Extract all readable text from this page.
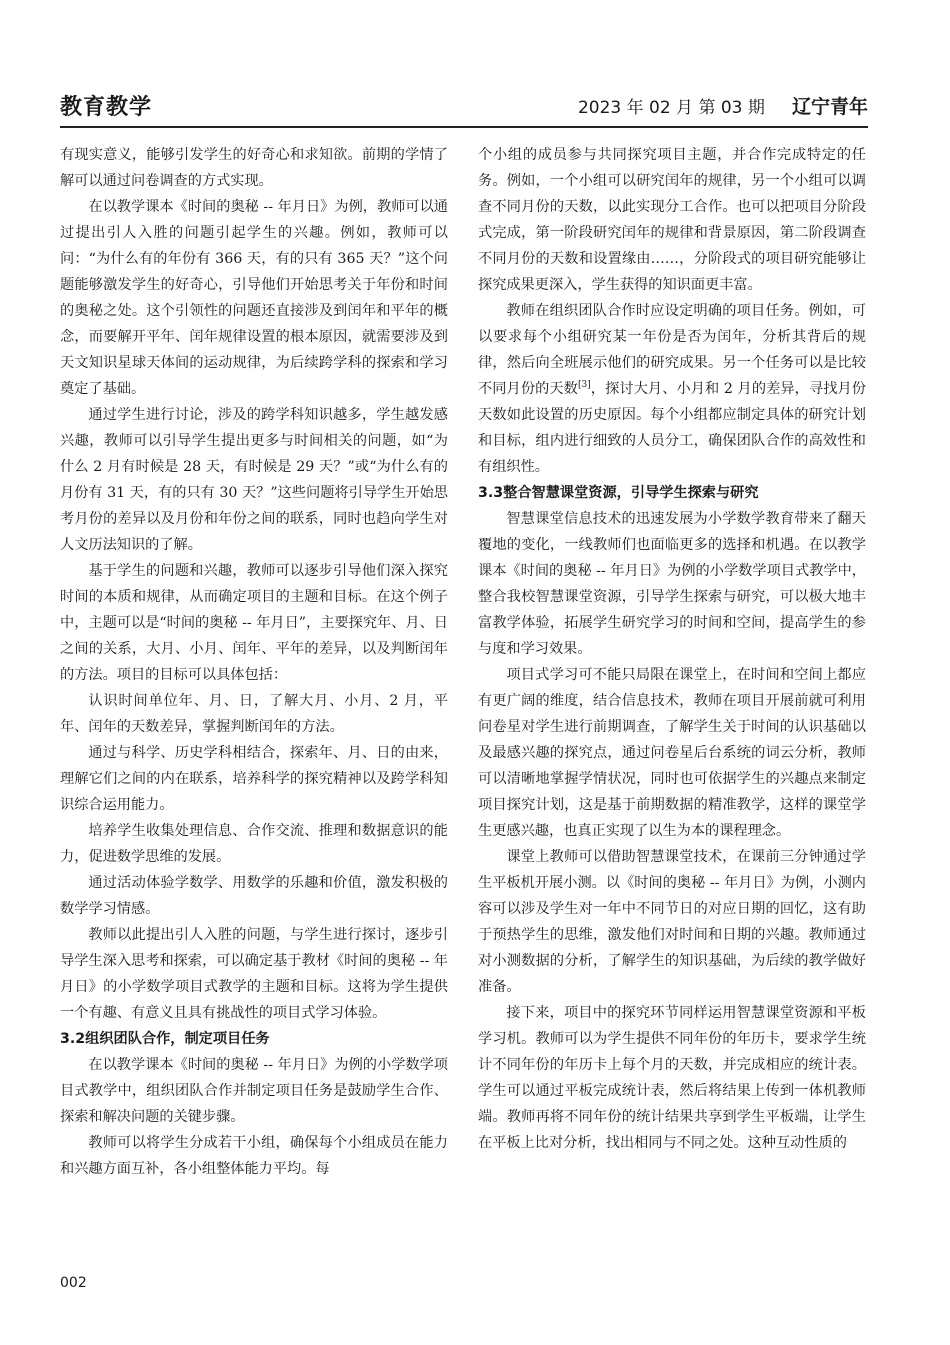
教育教学	2023 年 02 月 第 03 期 辽宁青年

有现实意义，能够引发学生的好奇心和求知欲。前期的学情了解可以通过问卷调查的方式实现。

在以教学课本《时间的奥秘 -- 年月日》为例，教师可以通过提出引人入胜的问题引起学生的兴趣。例如，教师可以问：“为什么有的年份有 366 天，有的只有 365 天？”这个问题能够激发学生的好奇心，引导他们开始思考关于年份和时间的奥秘之处。这个引领性的问题还直接涉及到闰年和平年的概念，而要解开平年、闰年规律设置的根本原因，就需要涉及到天文知识星球天体间的运动规律，为后续跨学科的探索和学习奠定了基础。

通过学生进行讨论，涉及的跨学科知识越多，学生越发感兴趣，教师可以引导学生提出更多与时间相关的问题，如“为什么 2 月有时候是 28 天，有时候是 29 天？”或“为什么有的月份有 31 天，有的只有 30 天？”这些问题将引导学生开始思考月份的差异以及月份和年份之间的联系，同时也趋向学生对人文历法知识的了解。

基于学生的问题和兴趣，教师可以逐步引导他们深入探究时间的本质和规律，从而确定项目的主题和目标。在这个例子中，主题可以是“时间的奥秘 -- 年月日”，主要探究年、月、日之间的关系，大月、小月、闰年、平年的差异，以及判断闰年的方法。项目的目标可以具体包括：

认识时间单位年、月、日，了解大月、小月、2 月，平年、闰年的天数差异，掌握判断闰年的方法。

通过与科学、历史学科相结合，探索年、月、日的由来，理解它们之间的内在联系，培养科学的探究精神以及跨学科知识综合运用能力。

培养学生收集处理信息、合作交流、推理和数据意识的能力，促进数学思维的发展。

通过活动体验学数学、用数学的乐趣和价值，激发积极的数学学习情感。

教师以此提出引人入胜的问题，与学生进行探讨，逐步引导学生深入思考和探索，可以确定基于教材《时间的奥秘 -- 年月日》的小学数学项目式教学的主题和目标。这将为学生提供一个有趣、有意义且具有挑战性的项目式学习体验。

3.2组织团队合作，制定项目任务

在以教学课本《时间的奥秘 -- 年月日》为例的小学数学项目式教学中，组织团队合作并制定项目任务是鼓励学生合作、探索和解决问题的关键步骤。

教师可以将学生分成若干小组，确保每个小组成员在能力和兴趣方面互补，各小组整体能力平均。每

个小组的成员参与共同探究项目主题，并合作完成特定的任务。例如，一个小组可以研究闰年的规律，另一个小组可以调查不同月份的天数，以此实现分工合作。也可以把项目分阶段式完成，第一阶段研究闰年的规律和背景原因，第二阶段调查不同月份的天数和设置缘由……，分阶段式的项目研究能够让探究成果更深入，学生获得的知识面更丰富。

教师在组织团队合作时应设定明确的项目任务。例如，可以要求每个小组研究某一年份是否为闰年，分析其背后的规律，然后向全班展示他们的研究成果。另一个任务可以是比较不同月份的天数[3]，探讨大月、小月和 2 月的差异，寻找月份天数如此设置的历史原因。每个小组都应制定具体的研究计划和目标，组内进行细致的人员分工，确保团队合作的高效性和有组织性。

3.3整合智慧课堂资源，引导学生探索与研究

智慧课堂信息技术的迅速发展为小学数学教育带来了翻天覆地的变化，一线教师们也面临更多的选择和机遇。在以教学课本《时间的奥秘 -- 年月日》为例的小学数学项目式教学中，整合我校智慧课堂资源，引导学生探索与研究，可以极大地丰富教学体验，拓展学生研究学习的时间和空间，提高学生的参与度和学习效果。

项目式学习可不能只局限在课堂上，在时间和空间上都应有更广阔的维度，结合信息技术，教师在项目开展前就可利用问卷星对学生进行前期调查，了解学生关于时间的认识基础以及最感兴趣的探究点，通过问卷星后台系统的词云分析，教师可以清晰地掌握学情状况，同时也可依据学生的兴趣点来制定项目探究计划，这是基于前期数据的精准教学，这样的课堂学生更感兴趣，也真正实现了以生为本的课程理念。

课堂上教师可以借助智慧课堂技术，在课前三分钟通过学生平板机开展小测。以《时间的奥秘 -- 年月日》为例，小测内容可以涉及学生对一年中不同节日的对应日期的回忆，这有助于预热学生的思维，激发他们对时间和日期的兴趣。教师通过对小测数据的分析，了解学生的知识基础，为后续的教学做好准备。

接下来，项目中的探究环节同样运用智慧课堂资源和平板学习机。教师可以为学生提供不同年份的年历卡，要求学生统计不同年份的年历卡上每个月的天数，并完成相应的统计表。学生可以通过平板完成统计表，然后将结果上传到一体机教师端。教师再将不同年份的统计结果共享到学生平板端，让学生在平板上比对分析，找出相同与不同之处。这种互动性质的

002
